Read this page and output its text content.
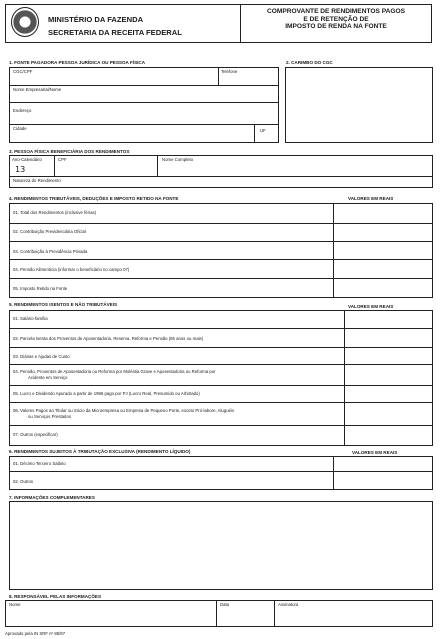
MINISTÉRIO DA FAZENDA
SECRETARIA DA RECEITA FEDERAL
COMPROVANTE DE RENDIMENTOS PAGOS
E DE RETENÇÃO DE
IMPOSTO DE RENDA NA FONTE
1. FONTE PAGADORA PESSOA JURÍDICA OU PESSOA FÍSICA	2. CARIMBO DO CGC
CGC/CPF	Telefone
Nome Empresarial/Nome
Endereço
Cidade	UF
3. PESSOA FÍSICA BENEFICIÁRIA DOS RENDIMENTOS
Ano-Calendário	CPF	Nome Completo
13
Natureza do Rendimento
4. RENDIMENTOS TRIBUTÁVEIS, DEDUÇÕES E IMPOSTO RETIDO NA FONTE	VALORES EM REAIS
01. Total dos Rendimentos (inclusive férias)
02. Contribuição Previdenciária Oficial
03. Contribuição à Previdência Privada
04. Pensão Alimentícia (informar o beneficiário no campo 07)
05. Imposto Retido na Fonte
5. RENDIMENTOS ISENTOS E NÃO TRIBUTÁVEIS	VALORES EM REAIS
01. Salário-família
02. Parcela Isenta dos Proventos de Aposentadoria, Reserva, Reforma e Pensão (65 anos ou mais)
03. Diárias e Ajudas de Custo
04. Pensão, Proventos de Aposentadoria ou Reforma por Moléstia Grave e Aposentadoria ou Reforma por
Acidente em Serviço
05. Lucro e Dividendo Apurado a partir de 1996 pago por PJ (Lucro Real, Presumido ou Arbitrado)
06. Valores Pagos ao Titular ou Sócio da Microempresa ou Empresa de Pequeno Porte, exceto Pró-labore, Aluguéis
ou Serviços Prestados
07. Outros (especificar)
6. RENDIMENTOS SUJEITOS À TRIBUTAÇÃO EXCLUSIVA (RENDIMENTO LÍQUIDO)	VALORES EM REAIS
01. Décimo Terceiro Salário
02. Outros
7. INFORMAÇÕES COMPLEMENTARES
8. RESPONSÁVEL PELAS INFORMAÇÕES
Nome	Data	Assinatura
Aprovado pela IN SRF nº 85/97
